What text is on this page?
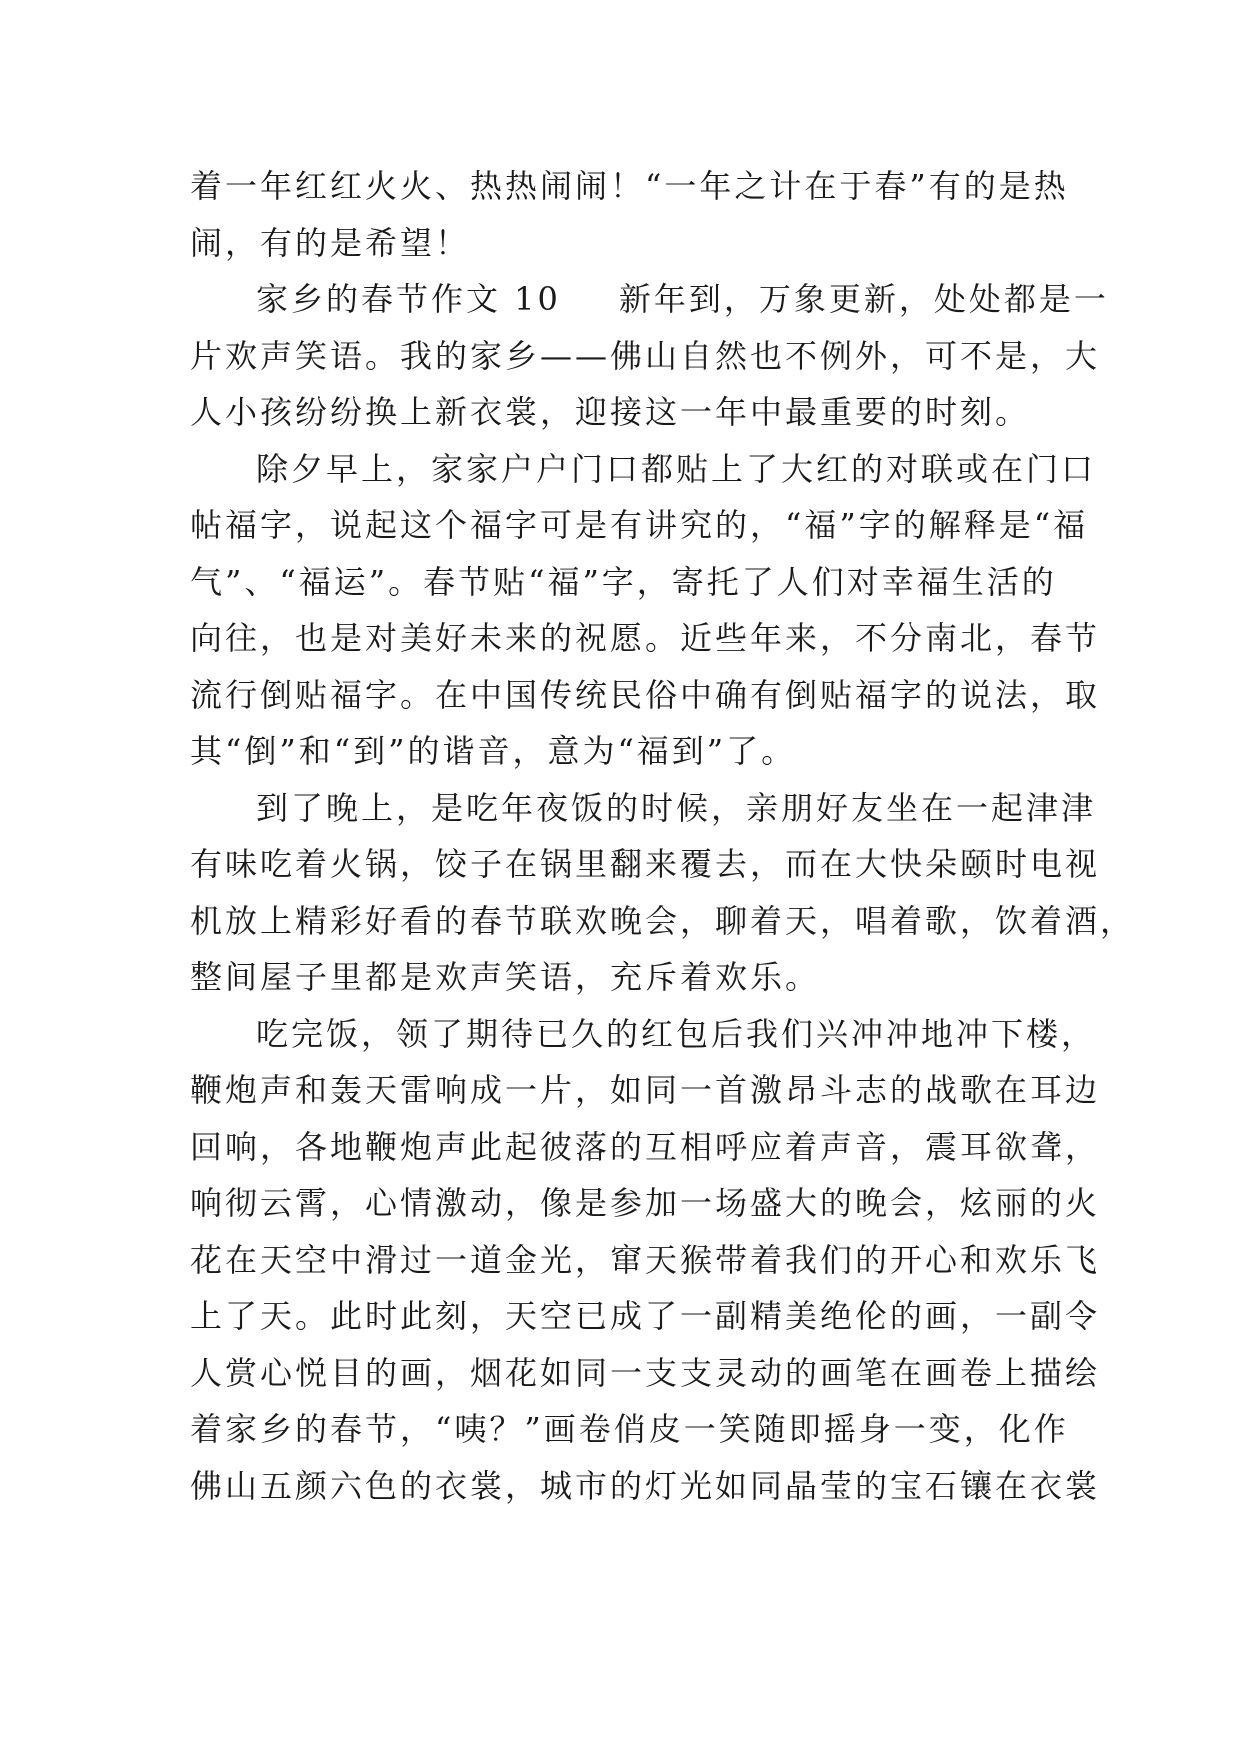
着一年红红火火、热热闹闹！“一年之计在于春”有的是热
闹，有的是希望！
家乡的春节作文 10 新年到，万象更新，处处都是一
片欢声笑语。我的家乡——佛山自然也不例外，可不是，大
人小孩纷纷换上新衣裳，迎接这一年中最重要的时刻。
除夕早上，家家户户门口都贴上了大红的对联或在门口
帖福字，说起这个福字可是有讲究的，“福”字的解释是“福
气”、“福运”。春节贴“福”字，寄托了人们对幸福生活的
向往，也是对美好未来的祝愿。近些年来，不分南北，春节
流行倒贴福字。在中国传统民俗中确有倒贴福字的说法，取
其“倒”和“到”的谐音，意为“福到”了。
到了晚上，是吃年夜饭的时候，亲朋好友坐在一起津津
有味吃着火锅，饺子在锅里翻来覆去，而在大快朵颐时电视
机放上精彩好看的春节联欢晚会，聊着天，唱着歌，饮着酒，
整间屋子里都是欢声笑语，充斥着欢乐。
吃完饭，领了期待已久的红包后我们兴冲冲地冲下楼，
鞭炮声和轰天雷响成一片，如同一首激昂斗志的战歌在耳边
回响，各地鞭炮声此起彼落的互相呼应着声音，震耳欲聋，
响彻云霄，心情激动，像是参加一场盛大的晚会，炫丽的火
花在天空中滑过一道金光，窜天猴带着我们的开心和欢乐飞
上了天。此时此刻，天空已成了一副精美绝伦的画，一副令
人赏心悦目的画，烟花如同一支支灵动的画笔在画卷上描绘
着家乡的春节，“咦？”画卷俏皮一笑随即摇身一变，化作
佛山五颜六色的衣裳，城市的灯光如同晶莹的宝石镶在衣裳
